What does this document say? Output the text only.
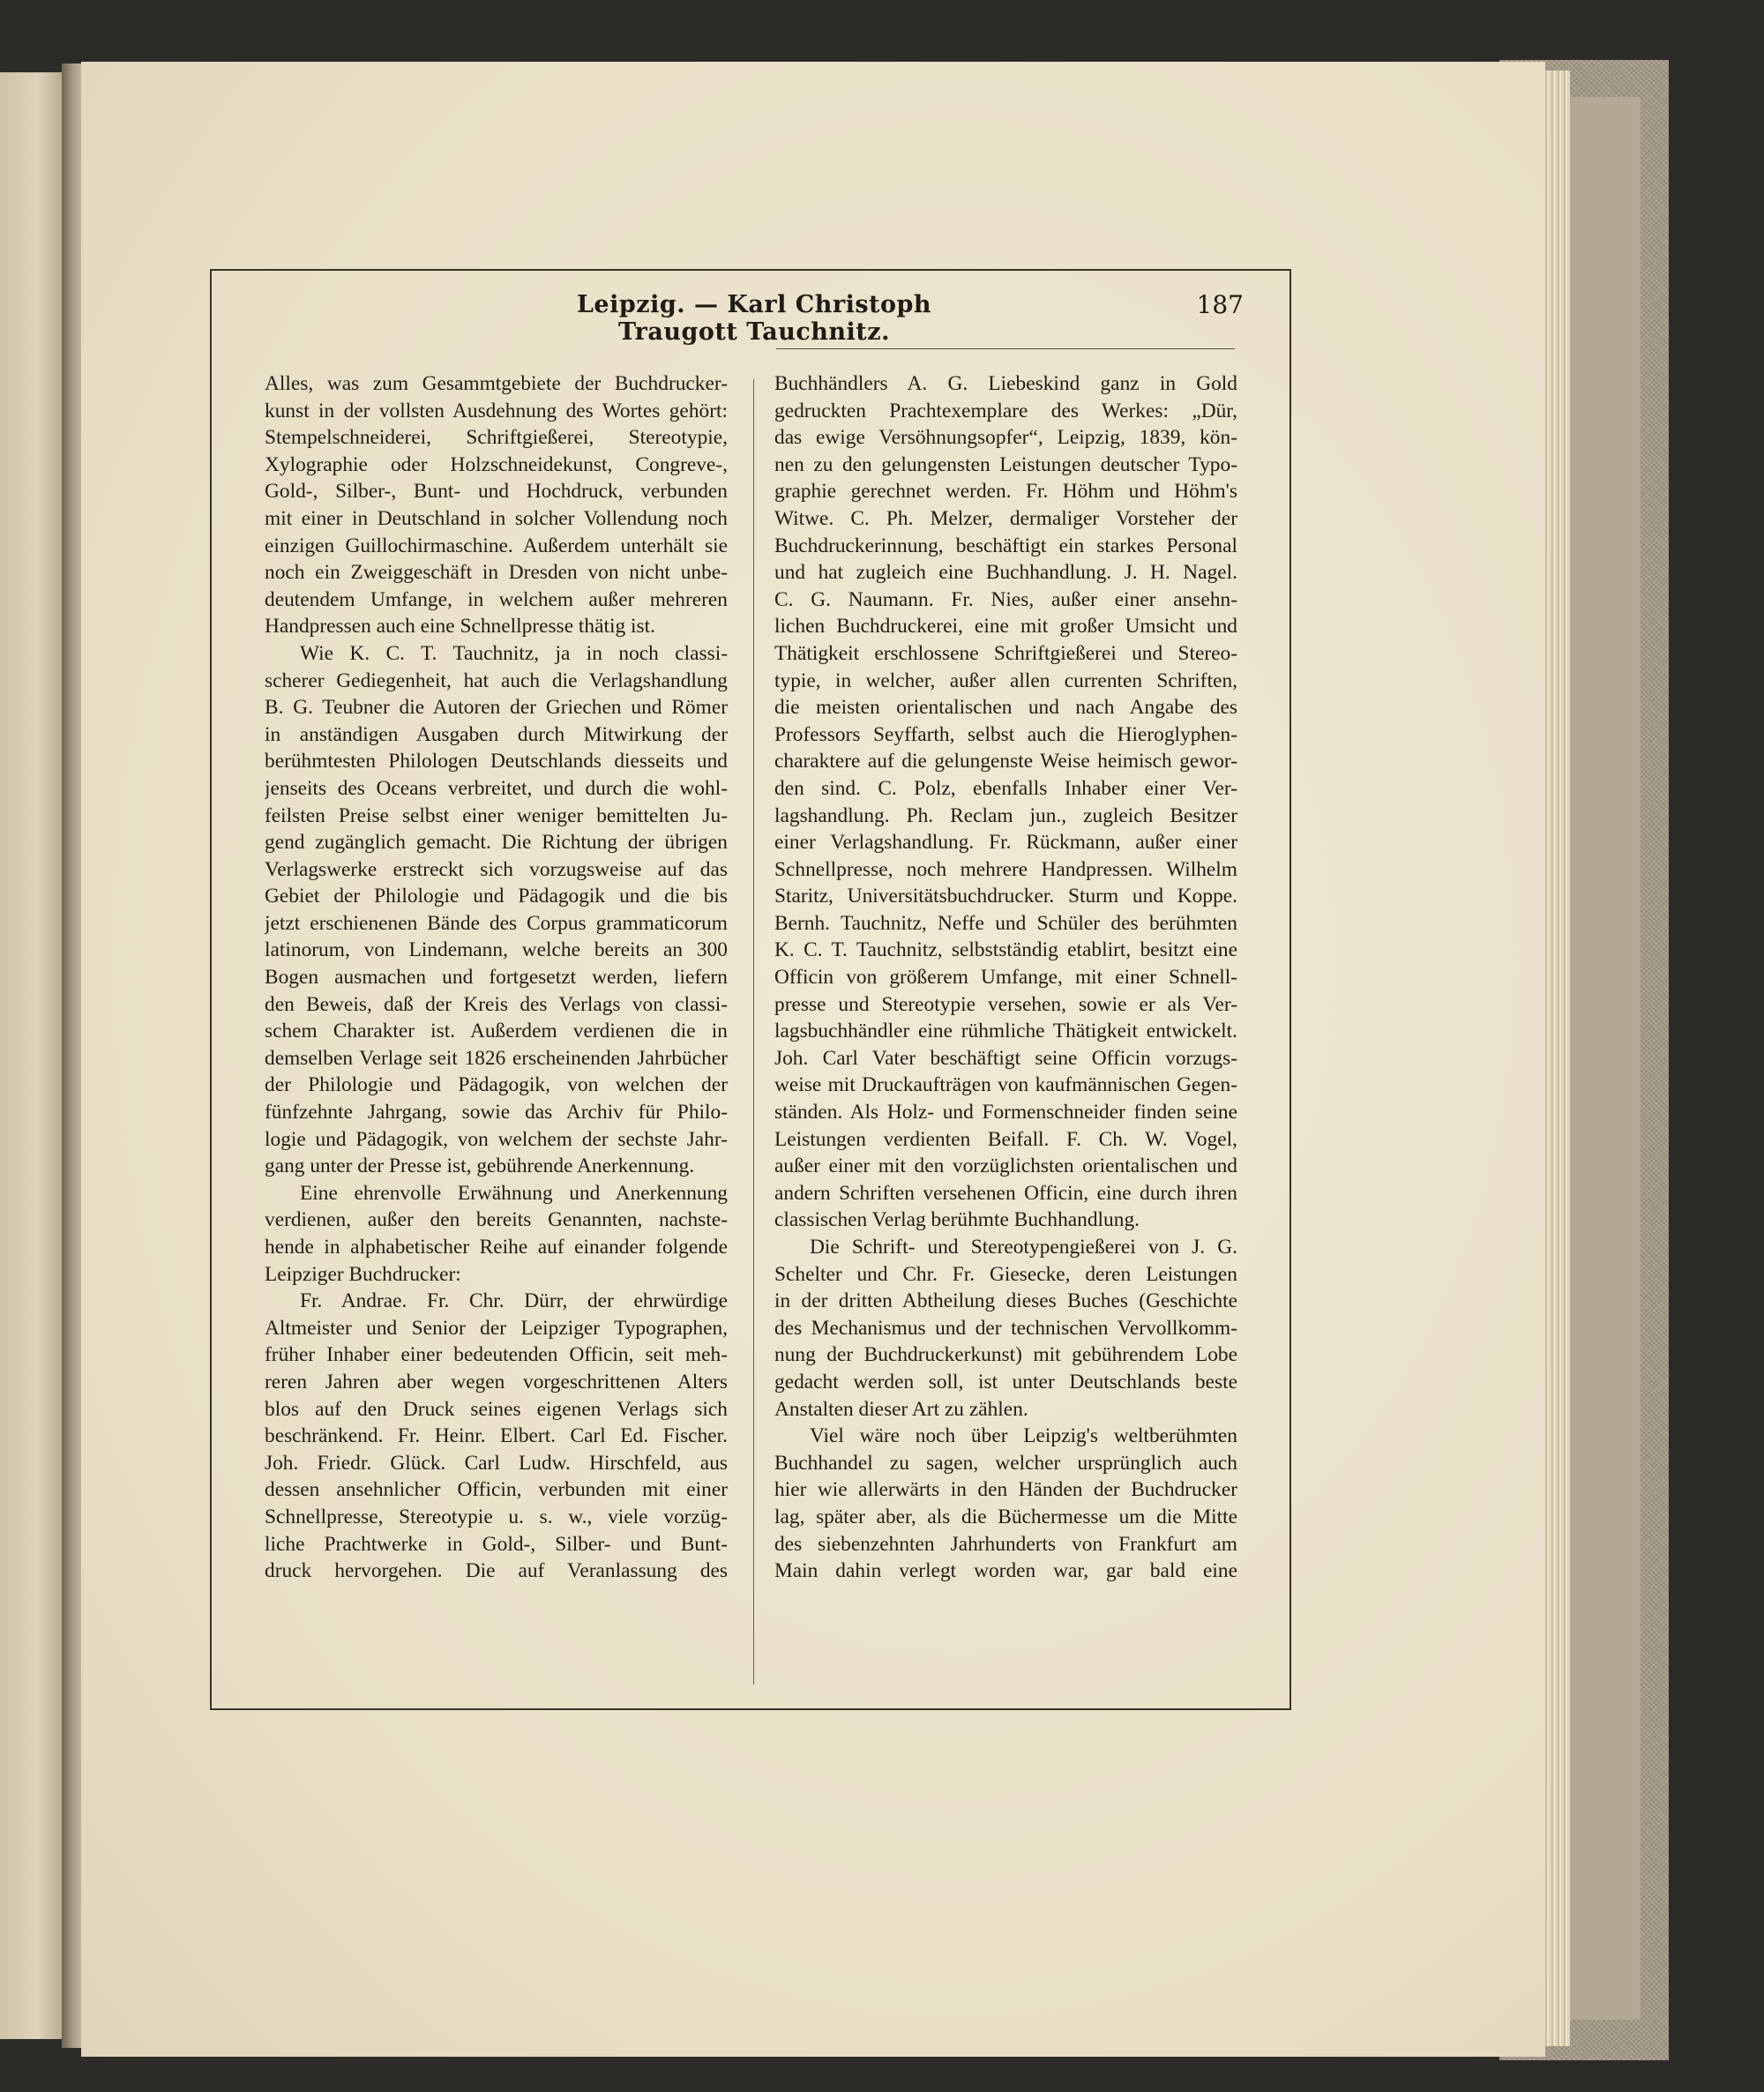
Leipzig. — Karl Christoph Traugott Tauchnitz.
187
Alles, was zum Gesammtgebiete der Buchdrucker-
kunst in der vollsten Ausdehnung des Wortes gehört:
Stempelschneiderei, Schriftgießerei, Stereotypie,
Xylographie oder Holzschneidekunst, Congreve-,
Gold-, Silber-, Bunt- und Hochdruck, verbunden
mit einer in Deutschland in solcher Vollendung noch
einzigen Guillochirmaschine. Außerdem unterhält sie
noch ein Zweiggeschäft in Dresden von nicht unbe-
deutendem Umfange, in welchem außer mehreren
Handpressen auch eine Schnellpresse thätig ist.
Wie K. C. T. Tauchnitz, ja in noch classi-
scherer Gediegenheit, hat auch die Verlagshandlung
B. G. Teubner die Autoren der Griechen und Römer
in anständigen Ausgaben durch Mitwirkung der
berühmtesten Philologen Deutschlands diesseits und
jenseits des Oceans verbreitet, und durch die wohl-
feilsten Preise selbst einer weniger bemittelten Ju-
gend zugänglich gemacht. Die Richtung der übrigen
Verlagswerke erstreckt sich vorzugsweise auf das
Gebiet der Philologie und Pädagogik und die bis
jetzt erschienenen Bände des Corpus grammaticorum
latinorum, von Lindemann, welche bereits an 300
Bogen ausmachen und fortgesetzt werden, liefern
den Beweis, daß der Kreis des Verlags von classi-
schem Charakter ist. Außerdem verdienen die in
demselben Verlage seit 1826 erscheinenden Jahrbücher
der Philologie und Pädagogik, von welchen der
fünfzehnte Jahrgang, sowie das Archiv für Philo-
logie und Pädagogik, von welchem der sechste Jahr-
gang unter der Presse ist, gebührende Anerkennung.
Eine ehrenvolle Erwähnung und Anerkennung
verdienen, außer den bereits Genannten, nachste-
hende in alphabetischer Reihe auf einander folgende
Leipziger Buchdrucker:
Fr. Andrae. Fr. Chr. Dürr, der ehrwürdige
Altmeister und Senior der Leipziger Typographen,
früher Inhaber einer bedeutenden Officin, seit meh-
reren Jahren aber wegen vorgeschrittenen Alters
blos auf den Druck seines eigenen Verlags sich
beschränkend. Fr. Heinr. Elbert. Carl Ed. Fischer.
Joh. Friedr. Glück. Carl Ludw. Hirschfeld, aus
dessen ansehnlicher Officin, verbunden mit einer
Schnellpresse, Stereotypie u. s. w., viele vorzüg-
liche Prachtwerke in Gold-, Silber- und Bunt-
druck hervorgehen. Die auf Veranlassung des
Buchhändlers A. G. Liebeskind ganz in Gold
gedruckten Prachtexemplare des Werkes: „Dür,
das ewige Versöhnungsopfer“, Leipzig, 1839, kön-
nen zu den gelungensten Leistungen deutscher Typo-
graphie gerechnet werden. Fr. Höhm und Höhm's
Witwe. C. Ph. Melzer, dermaliger Vorsteher der
Buchdruckerinnung, beschäftigt ein starkes Personal
und hat zugleich eine Buchhandlung. J. H. Nagel.
C. G. Naumann. Fr. Nies, außer einer ansehn-
lichen Buchdruckerei, eine mit großer Umsicht und
Thätigkeit erschlossene Schriftgießerei und Stereo-
typie, in welcher, außer allen currenten Schriften,
die meisten orientalischen und nach Angabe des
Professors Seyffarth, selbst auch die Hieroglyphen-
charaktere auf die gelungenste Weise heimisch gewor-
den sind. C. Polz, ebenfalls Inhaber einer Ver-
lagshandlung. Ph. Reclam jun., zugleich Besitzer
einer Verlagshandlung. Fr. Rückmann, außer einer
Schnellpresse, noch mehrere Handpressen. Wilhelm
Staritz, Universitätsbuchdrucker. Sturm und Koppe.
Bernh. Tauchnitz, Neffe und Schüler des berühmten
K. C. T. Tauchnitz, selbstständig etablirt, besitzt eine
Officin von größerem Umfange, mit einer Schnell-
presse und Stereotypie versehen, sowie er als Ver-
lagsbuchhändler eine rühmliche Thätigkeit entwickelt.
Joh. Carl Vater beschäftigt seine Officin vorzugs-
weise mit Druckaufträgen von kaufmännischen Gegen-
ständen. Als Holz- und Formenschneider finden seine
Leistungen verdienten Beifall. F. Ch. W. Vogel,
außer einer mit den vorzüglichsten orientalischen und
andern Schriften versehenen Officin, eine durch ihren
classischen Verlag berühmte Buchhandlung.
Die Schrift- und Stereotypengießerei von J. G.
Schelter und Chr. Fr. Giesecke, deren Leistungen
in der dritten Abtheilung dieses Buches (Geschichte
des Mechanismus und der technischen Vervollkomm-
nung der Buchdruckerkunst) mit gebührendem Lobe
gedacht werden soll, ist unter Deutschlands beste
Anstalten dieser Art zu zählen.
Viel wäre noch über Leipzig's weltberühmten
Buchhandel zu sagen, welcher ursprünglich auch
hier wie allerwärts in den Händen der Buchdrucker
lag, später aber, als die Büchermesse um die Mitte
des siebenzehnten Jahrhunderts von Frankfurt am
Main dahin verlegt worden war, gar bald eine
